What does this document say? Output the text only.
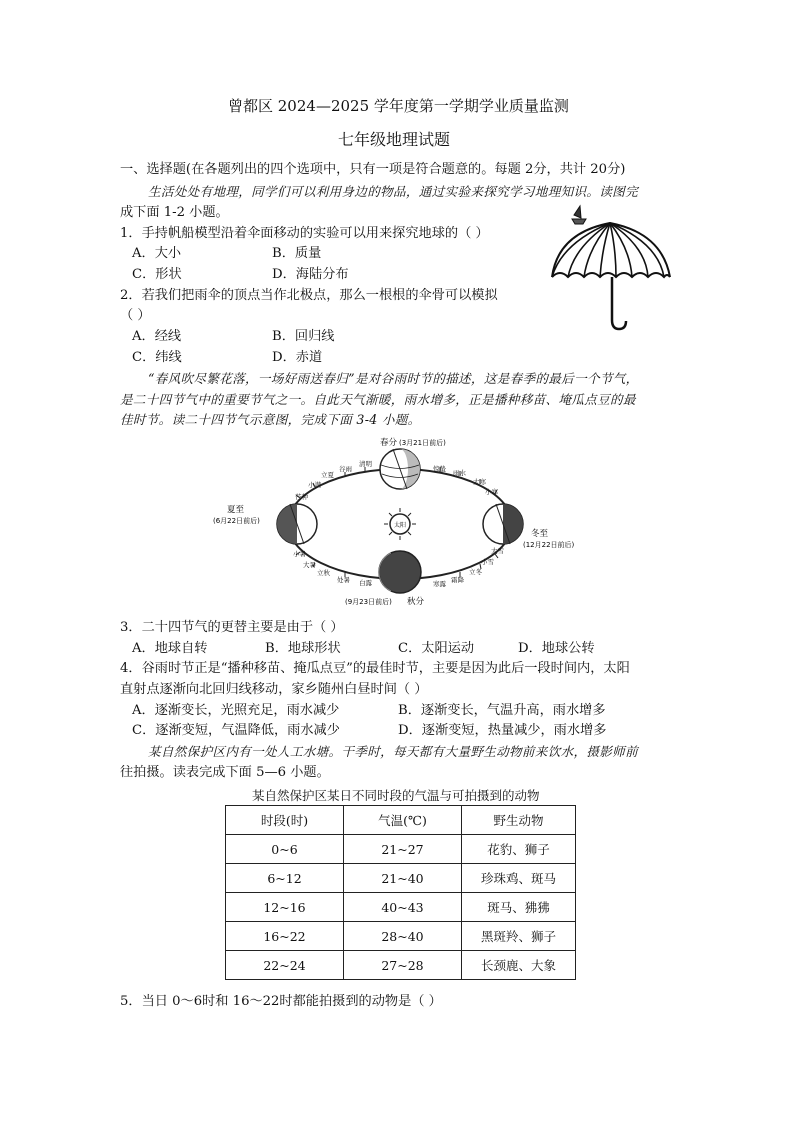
曾都区 2024—2025 学年度第一学期学业质量监测
七年级地理试题
一、选择题(在各题列出的四个选项中，只有一项是符合题意的。每题 2分，共计 20分)
生活处处有地理，同学们可以利用身边的物品，通过实验来探究学习地理知识。读图完
成下面 1-2 小题。
1．手持帆船模型沿着伞面移动的实验可以用来探究地球的（ ）
A．大小	B．质量
C．形状	D．海陆分布
2．若我们把雨伞的顶点当作北极点，那么一根根的伞骨可以模拟
（ ）
A．经线	B．回归线
C．纬线	D．赤道
“春风吹尽繁花落，一场好雨送春归”是对谷雨时节的描述，这是春季的最后一个节气，
是二十四节气中的重要节气之一。自此天气渐暖，雨水增多，正是播种移苗、埯瓜点豆的最
佳时节。读二十四节气示意图，完成下面 3-4 小题。
太阳
春分 (3月21日前后)
夏至
(6月22日前后)
(9月23日前后) 秋分
冬至
(12月22日前后)
立夏
谷雨
清明
小满
芒种
惊蛰 雨水
大寒
小寒
小暑
大暑
立秋
处暑 白露	寒露 霜降
立冬
小雪
大雪
3．二十四节气的更替主要是由于（ ）
A．地球自转	B．地球形状	C．太阳运动	D．地球公转
4．谷雨时节正是“播种移苗、掩瓜点豆”的最佳时节，主要是因为此后一段时间内，太阳
直射点逐渐向北回归线移动，家乡随州白昼时间（ ）
A．逐渐变长，光照充足，雨水减少	B．逐渐变长，气温升高，雨水增多
C．逐渐变短，气温降低，雨水减少	D．逐渐变短，热量减少，雨水增多
某自然保护区内有一处人工水塘。干季时，每天都有大量野生动物前来饮水，摄影师前
往拍摄。读表完成下面 5—6 小题。
某自然保护区某日不同时段的气温与可拍摄到的动物
时段(时)	气温(℃)	野生动物
0~6	21~27	花豹、狮子
6~12	21~40	珍珠鸡、斑马
12~16	40~43	斑马、狒狒
16~22	28~40	黑斑羚、狮子
22~24	27~28	长颈鹿、大象
5．当日 0～6时和 16～22时都能拍摄到的动物是（ ）
